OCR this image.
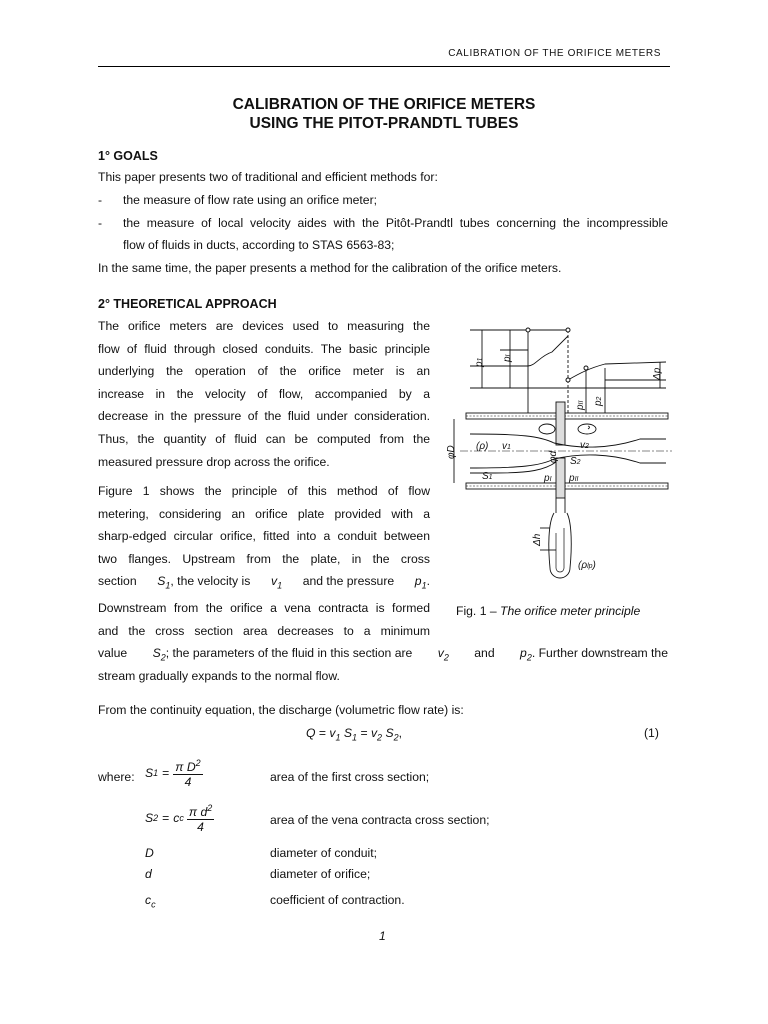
CALIBRATION OF THE ORIFICE METERS
CALIBRATION OF THE ORIFICE METERS
USING THE PITOT-PRANDTL TUBES
1° GOALS
This paper presents two of traditional and efficient methods for:
- the measure of flow rate using an orifice meter;
- the measure of local velocity aides with the Pitôt-Prandtl tubes concerning the incompressible
flow of fluids in ducts, according to STAS 6563-83;
In the same time, the paper presents a method for the calibration of the orifice meters.
2° THEORETICAL APPROACH
The orifice meters are devices used to measuring the
flow of fluid through closed conduits. The basic principle
underlying the operation of the orifice meter is an
increase in the velocity of flow, accompanied by a
decrease in the pressure of the fluid under consideration.
Thus, the quantity of fluid can be computed from the
measured pressure drop across the orifice.
Figure 1 shows the principle of this method of flow
metering, considering an orifice plate provided with a
sharp-edged circular orifice, fitted into a conduit between
two flanges. Upstream from the plate, in the cross
section $S_1$, the velocity is $v_1$ and the pressure $p_1$.
Downstream from the orifice a vena contracta is formed
and the cross section area decreases to a minimum
value $S_2$; the parameters of the fluid in this section are $v_2$ and $p_2$. Further downstream the
stream gradually expands to the normal flow.
From the continuity equation, the discharge (volumetric flow rate) is:
$Q = v_1$ $S_1 = v_2$ $S_2$,	(1)
where: S $1 = \frac{\pi D^2}{4}$	area of the first cross section;
S 2 = c c $\frac{\pi d^2}{4}$	area of the vena contracta cross section;
D	diameter of conduit;
d	diameter of orifice;
$c_c$	coefficient of contraction.
1
p1 pI
pII p2
Δp
φD	φd
(ρ) v1	v2
S1
S2
pI pII
Δh
(ρlp)
Fig. 1 – The orifice meter principle
